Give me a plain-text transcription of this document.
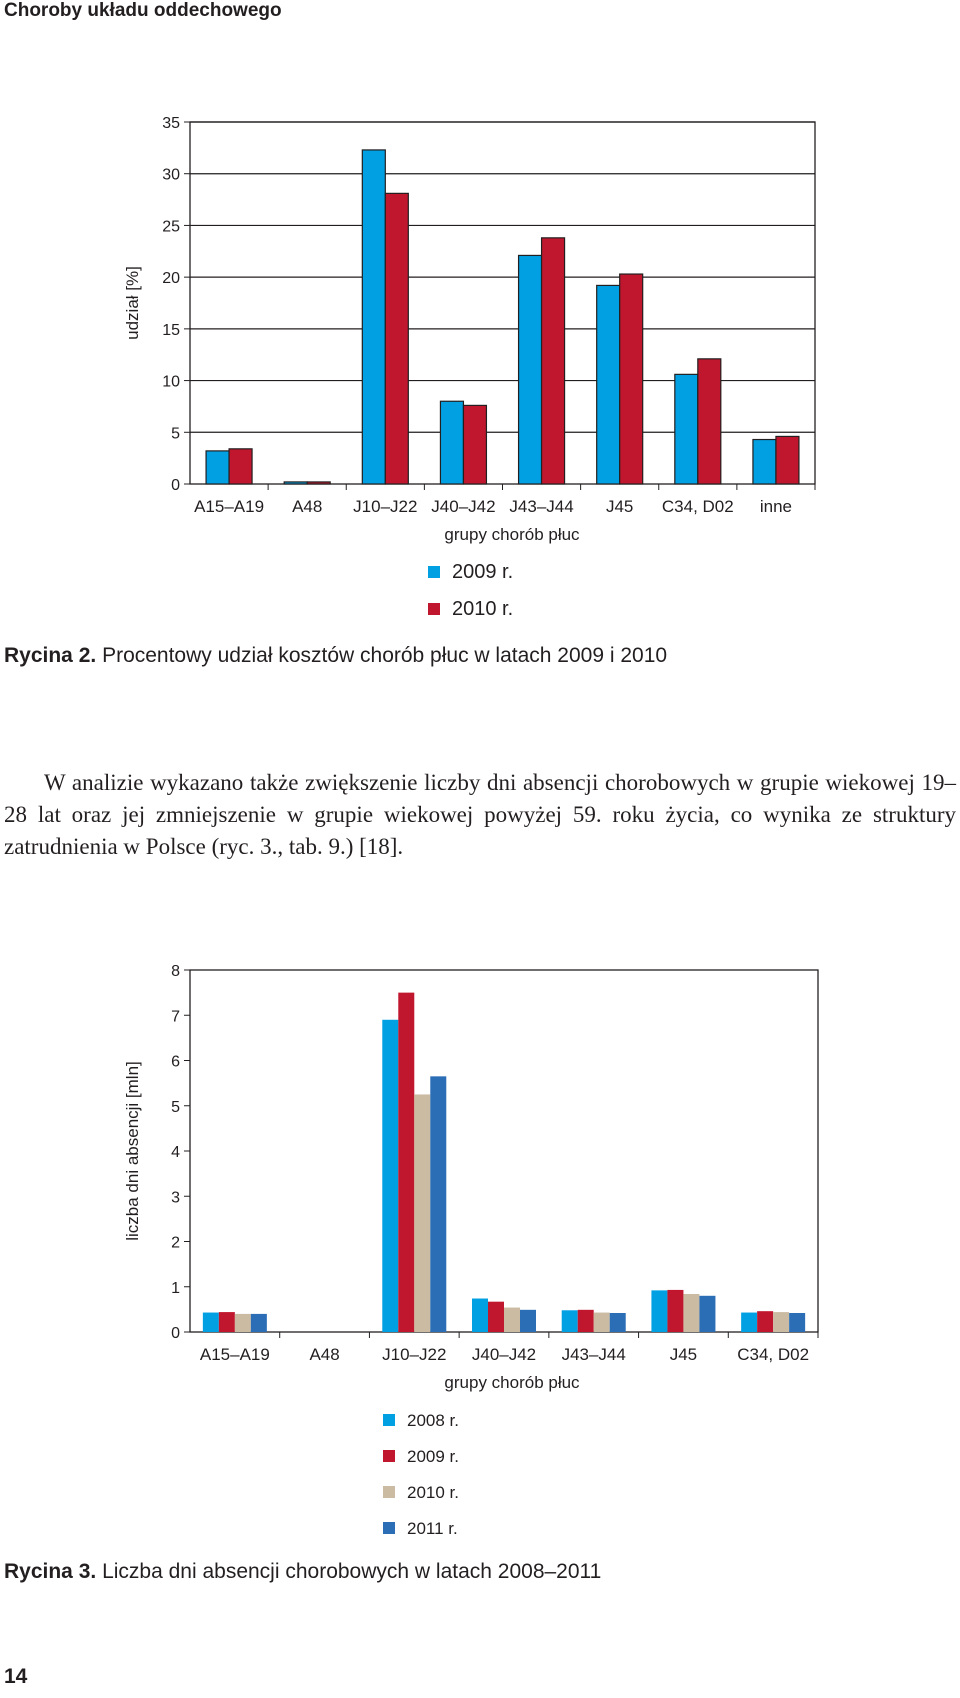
Choroby układu oddechowego
0
5
10
15
20
25
30
35
A15–A19 A48 J10–J22 J40–J42 J43–J44 J45 C34, D02 inne
grupy chorób płuc
udział [%]
2009 r.
2010 r.
Rycina 2. Procentowy udział kosztów chorób płuc w latach 2009 i 2010

W analizie wykazano także zwiększenie liczby dni absencji chorobowych w grupie wiekowej 19–28 lat oraz jej zmniejszenie w grupie wiekowej powyżej 59. roku życia, co wynika ze struktury zatrudnienia w Polsce (ryc. 3., tab. 9.) [18].

0
1
2
3
4
5
6
7
8
A15–A19 A48 J10–J22 J40–J42 J43–J44	J45 C34, D02
grupy chorób płuc
liczba dni absencji [mln]
2008 r.
2009 r.
2010 r.
2011 r.
Rycina 3. Liczba dni absencji chorobowych w latach 2008–2011
14
